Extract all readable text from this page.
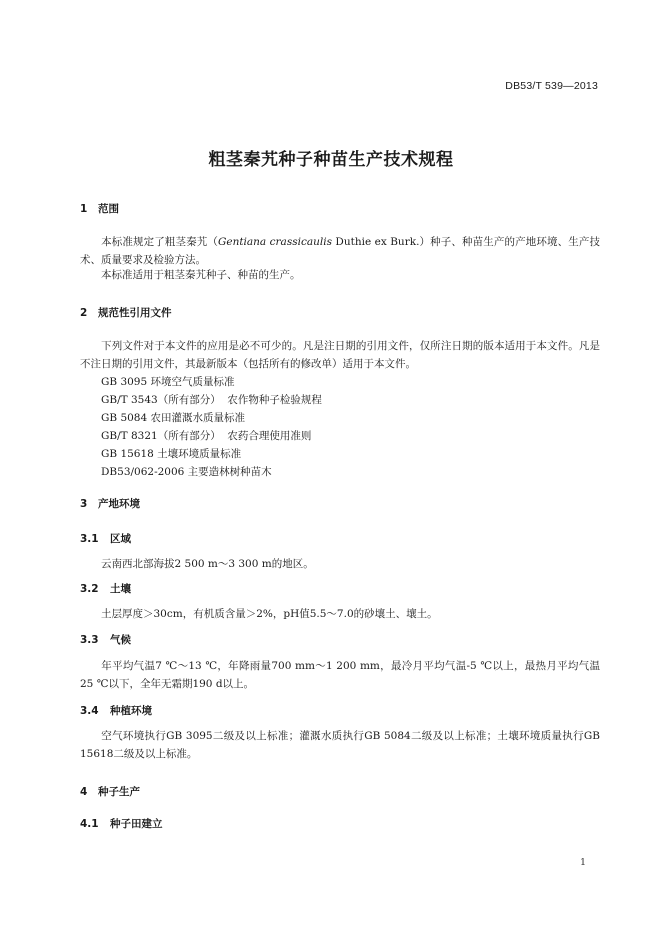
DB53/T 539—2013
粗茎秦艽种子种苗生产技术规程
1 范围
本标准规定了粗茎秦艽（Gentiana crassicaulis Duthie ex Burk.）种子、种苗生产的产地环境、生产技术、质量要求及检验方法。
本标准适用于粗茎秦艽种子、种苗的生产。
2 规范性引用文件
下列文件对于本文件的应用是必不可少的。凡是注日期的引用文件，仅所注日期的版本适用于本文件。凡是不注日期的引用文件，其最新版本（包括所有的修改单）适用于本文件。
GB 3095 环境空气质量标准
GB/T 3543（所有部分）  农作物种子检验规程
GB 5084 农田灌溉水质量标准
GB/T 8321（所有部分）  农药合理使用准则
GB 15618 土壤环境质量标准
DB53/062-2006 主要造林树种苗木
3 产地环境
3.1 区域
云南西北部海拔2 500 m～3 300 m的地区。
3.2 土壤
土层厚度＞30cm，有机质含量＞2%，pH值5.5～7.0的砂壤土、壤土。
3.3 气候
年平均气温7 ℃～13 ℃，年降雨量700 mm～1 200 mm，最冷月平均气温-5 ℃以上，最热月平均气温25 ℃以下，全年无霜期190 d以上。
3.4 种植环境
空气环境执行GB 3095二级及以上标准；灌溉水质执行GB 5084二级及以上标准；土壤环境质量执行GB 15618二级及以上标准。
4 种子生产
4.1 种子田建立
1
